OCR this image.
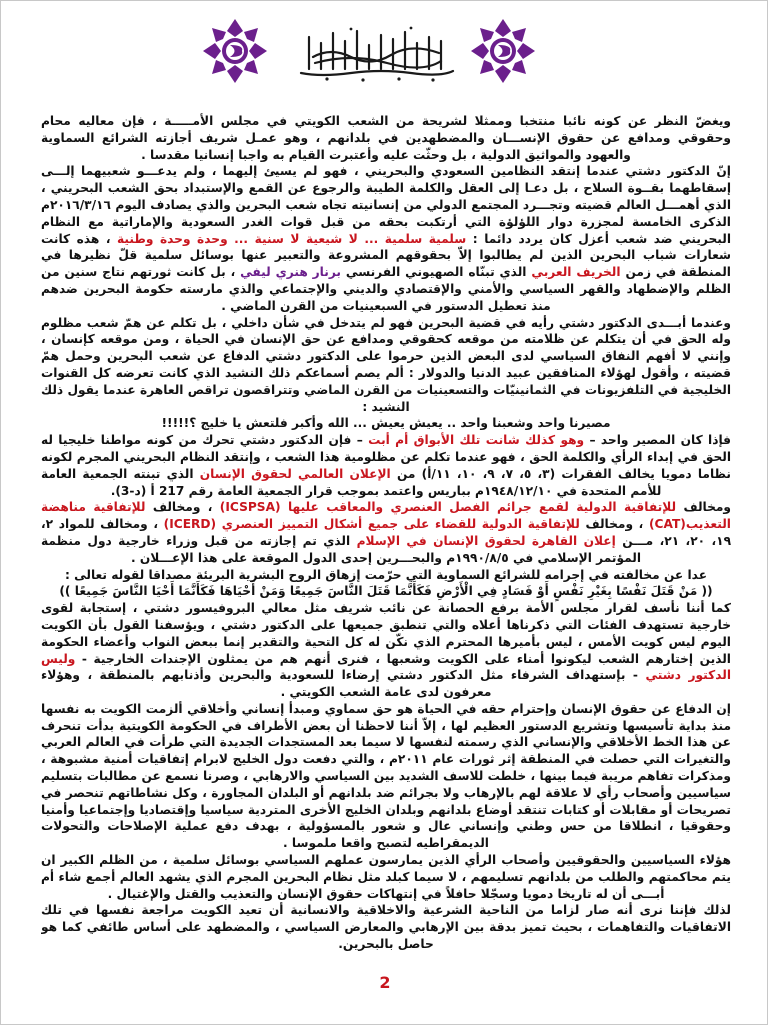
ويغضّ النظر عن كونه نائبا منتخبا وممثلا لشريحة من الشعب الكويتي في مجلس الأمـــــة ، فإن معاليه محام وحقوقي ومدافع عن حقوق الإنســـان والمضطهدين في بلدانهم ، وهو عمـل شريف أجازته الشرائع السماوية والعهود والمواثيق الدولية ، بل وحثّت عليه وأعتبرت القيام به واجبا إنسانيا مقدسا .

إنّ الدكتور دشتي عندما إنتقد النظامين السعودي والبحريني ، فهو لم يسيئ إليهما ، ولم يدعـــو شعبيهما إلـــى إسقاطهما بقــوة السلاح ، بل دعـا إلى العقل والكلمة الطيبة والرجوع عن القمع والإستبداد بحق الشعب البحريني ، الذي أهمـــل العالم قضيته وتجـــرد المجتمع الدولي من إنسانيته تجاه شعب البحرين والذي يصادف اليوم ٢٠١٦/٣/١٦م الذكرى الخامسة لمجزرة دوار اللؤلؤة التي أرتكبت بحقه من قبل قوات الغدر السعودية والإماراتية مع النظام البحريني ضد شعب أعزل كان يردد دائما : سلمية سلمية ... لا شيعية لا سنية ... وحدة وحدة وطنية ، هذه كانت شعارات شباب البحرين الذين لم يطالبوا إلاّ بحقوقهم المشروعة والتعبير عنها بوسائل سلمية قلّ نظيرها في المنطقة في زمن الخريف العربي الذي تبنّاه الصهيوني الفرنسي برنار هنري ليفي ، بل كانت ثورتهم نتاج سنين من الظلم والإضطهاد والقهر السياسي والأمني والإقتصادي والديني والإجتماعي والذي مارسته حكومة البحرين ضدهم منذ تعطيل الدستور في السبعينيات من القرن الماضي .

وعندما أبـــدى الدكتور دشتي رأيه في قضية البحرين فهو لم يتدخل في شأن داخلي ، بل تكلم عن همّ شعب مظلوم وله الحق في أن يتكلم عن ظلامته من موقعه كحقوقي ومدافع عن حق الإنسان في الحياة ، ومن موقعه كإنسان ، وإنني لا أفهم النفاق السياسي لدى البعض الذين حرموا على الدكتور دشتي الدفاع عن شعب البحرين وحمل همّ قضيته ، وأقول لهؤلاء المنافقين عبيد الدنيا والدولار : ألم يصم أسماعكم ذلك النشيد الذي كانت تعرضه كل القنوات الخليجية في التلفزيونات في الثمانينيّات والتسعينيات من القرن الماضي وتتراقصون تراقص العاهرة عندما يقول ذلك النشيد :

مصيرنا واحد وشعبنا واحد .. يعيش يعيش ... الله وأكبر فلتعش يا خليج ؟!!!!!

فإذا كان المصير واحد – وهو كذلك شانت تلك الأبواق أم أبت – فإن الدكتور دشتي تحرك من كونه مواطنا خليجيا له الحق في إبداء الرأي والكلمة الحق ، فهو عندما تكلم عن مظلومية هذا الشعب ، وإنتقد النظام البحريني المجرم لكونه نظاما دمويا يخالف الفقرات (٣، ٥، ٧، ٩، ١٠، ١١/أ) من الإعلان العالمي لحقوق الإنسان الذي تبنته الجمعية العامة للأمم المتحدة في ١٩٤٨/١٢/١٠م بباريس واعتمد بموجب قرار الجمعية العامة رقم 217 أ (د-3).

ومخالف للإتفاقية الدولية لقمع جرائم الفصل العنصري والمعاقب عليها (ICSPSA) ، ومخالف للإتفاقية مناهضة التعذيب(CAT) ، ومخالف للإتفاقية الدولية للقضاء على جميع أشكال التمييز العنصري (ICERD) ، ومخالف للمواد ٢، ١٩، ٢٠، ٢١، مـــن إعلان القاهرة لحقوق الإنسان في الإسلام الذي تم إجازته من قبل وزراء خارجية دول منظمة المؤتمر الإسلامي في ١٩٩٠/٨/٥م والبحـــرين إحدى الدول الموقعة على هذا الإعـــلان .

عدا عن مخالفته في إجرامه للشرائع السماوية التي حرّمت إزهاق الروح البشرية البريئة مصداقا لقوله تعالى :

(( مَنْ قَتَلَ نَفْسًا بِغَيْرِ نَفْسٍ أَوْ فَسَادٍ فِي الْأَرْضِ فَكَأَنَّمَا قَتَلَ النَّاسَ جَمِيعًا وَمَنْ أَحْيَاهَا فَكَأَنَّمَا أَحْيَا النَّاسَ جَمِيعًا ))

كما أننا نأسف لقرار مجلس الأمة برفع الحصانة عن نائب شريف مثل معالي البروفيسور دشتي ، إستجابة لقوى خارجية تستهدف الفئات التي ذكرناها أعلاه والتي تنطبق جميعها على الدكتور دشتي ، ويؤسفنا القول بأن الكويت اليوم ليس كويت الأمس ، ليس بأميرها المحترم الذي نكّن له كل التحية والتقدير إنما ببعض النواب وأعضاء الحكومة الذين إختارهم الشعب ليكونوا أمناء على الكويت وشعبها ، فنرى أنهم هم من يمثلون الإجندات الخارجية - وليس الدكتور دشتي - بإستهداف الشرفاء مثل الدكتور دشتي إرضاءا للسعودية والبحرين وأذنابهم بالمنطقة ، وهؤلاء معرفون لدى عامة الشعب الكويتي .

إن الدفاع عن حقوق الإنسان وإحترام حقه في الحياة هو حق سماوي ومبدأ إنساني وأخلاقي ألزمت الكويت به نفسها منذ بداية تأسيسها وتشريع الدستور العظيم لها ، إلاّ أننا لاحظنا أن بعض الأطراف في الحكومة الكويتية بدأت تنحرف عن هذا الخط الأخلاقي والإنساني الذي رسمته لنفسها لا سيما بعد المستجدات الجديدة التي طرأت في العالم العربي والتغيرات التي حصلت في المنطقة إثر ثورات عام ٢٠١١م ، والتي دفعت دول الخليج لابرام إتفاقيات أمنية مشبوهة ، ومذكرات تفاهم مريبة فيما بينها ، خلطت للاسف الشديد بين السياسي والارهابي ، وصرنا نسمع عن مطالبات بتسليم سياسيين وأصحاب رأي لا علاقة لهم بالإرهاب ولا بجرائم ضد بلدانهم أو البلدان المجاورة ، وكل نشاطاتهم تنحصر في تصريحات أو مقابلات أو كتابات تنتقد أوضاع بلدانهم وبلدان الخليج الأخرى المتردية سياسيا وإقتصاديا وإجتماعيا وأمنيا وحقوقيا ، انطلاقا من حس وطني وإنساني عال و شعور بالمسؤولية ، بهدف دفع عملية الإصلاحات والتحولات الديمقراطيه لتصبح واقعا ملموسا .

هؤلاء السياسيين والحقوقيين وأصحاب الرأي الذين يمارسون عملهم السياسي بوسائل سلمية ، من الظلم الكبير ان يتم محاكمتهم والطلب من بلدانهم تسليمهم ، لا سيما كبلد مثل نظام البحرين المجرم الذي يشهد العالم أجمع شاء أم أبـــى أن له تاريخا دمويا وسجّلا حافلاً في إنتهاكات حقوق الإنسان والتعذيب والقتل والإغتيال .

لذلك فإننا نرى أنه صار لزاما من الناحية الشرعية والاخلاقية والانسانية أن تعيد الكويت مراجعة نفسها في تلك الاتفاقيات والتفاهمات ، بحيث تميز بدقة بين الإرهابي والمعارض السياسي ، والمضطهد على أساس طائفي كما هو حاصل بالبحرين.

2
